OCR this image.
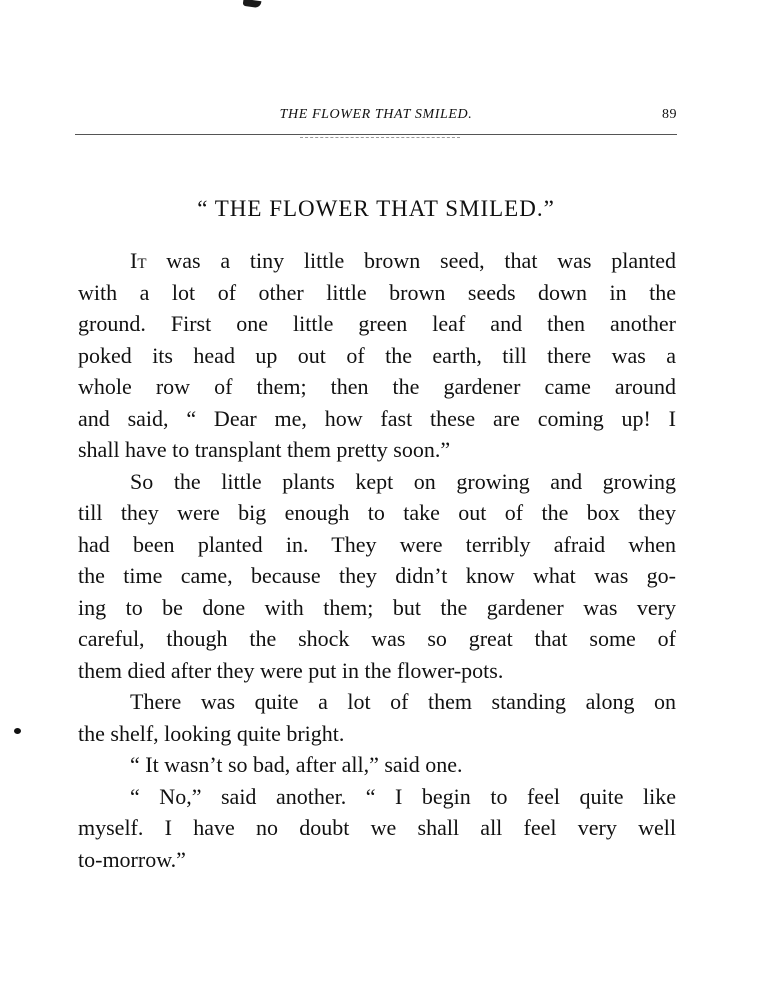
THE FLOWER THAT SMILED.	89
“ THE FLOWER THAT SMILED.”
It was a tiny little brown seed, that was planted
with a lot of other little brown seeds down in the
ground. First one little green leaf and then another
poked its head up out of the earth, till there was a
whole row of them; then the gardener came around
and said, “ Dear me, how fast these are coming up! I
shall have to transplant them pretty soon.”
So the little plants kept on growing and growing
till they were big enough to take out of the box they
had been planted in. They were terribly afraid when
the time came, because they didn’t know what was go-
ing to be done with them; but the gardener was very
careful, though the shock was so great that some of
them died after they were put in the flower-pots.
There was quite a lot of them standing along on
the shelf, looking quite bright.
“ It wasn’t so bad, after all,” said one.
“ No,” said another. “ I begin to feel quite like
myself. I have no doubt we shall all feel very well
to-morrow.”
